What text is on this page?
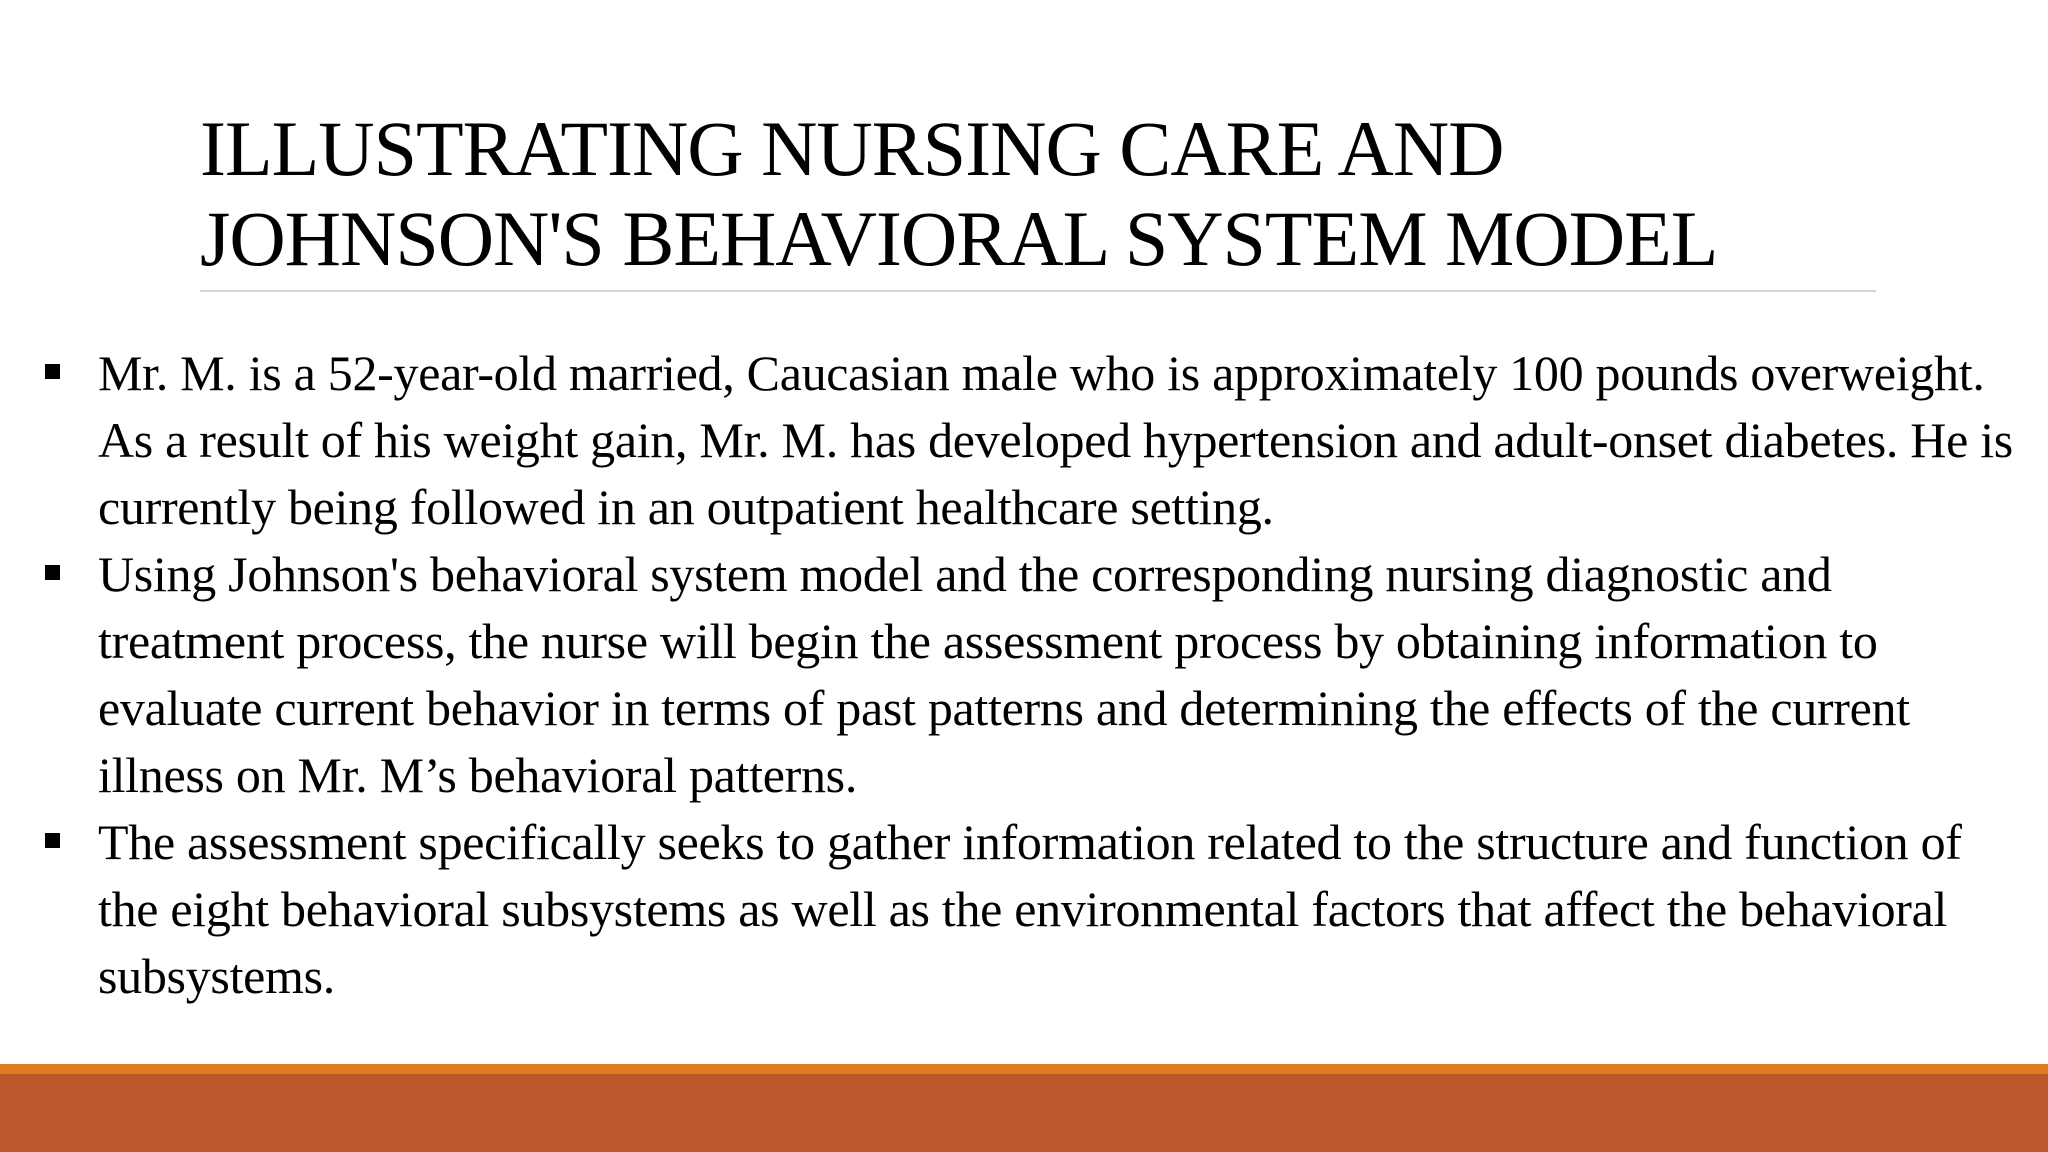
ILLUSTRATING NURSING CARE AND
JOHNSON'S BEHAVIORAL SYSTEM MODEL
Mr. M. is a 52-year-old married, Caucasian male who is approximately 100 pounds overweight. As a result of his weight gain, Mr. M. has developed hypertension and adult-onset diabetes. He is currently being followed in an outpatient healthcare setting.
Using Johnson's behavioral system model and the corresponding nursing diagnostic and treatment process, the nurse will begin the assessment process by obtaining information to evaluate current behavior in terms of past patterns and determining the effects of the current illness on Mr. M’s behavioral patterns.
The assessment specifically seeks to gather information related to the structure and function of the eight behavioral subsystems as well as the environmental factors that affect the behavioral subsystems.
